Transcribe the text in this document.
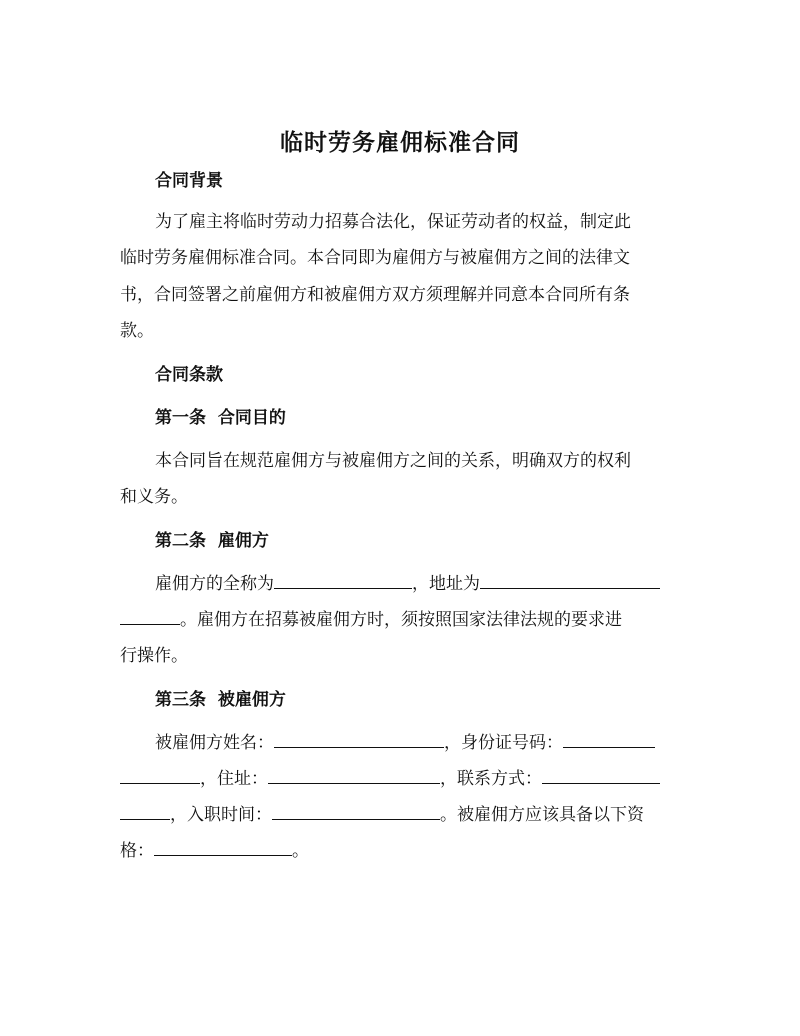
临时劳务雇佣标准合同
合同背景
为了雇主将临时劳动力招募合法化，保证劳动者的权益，制定此
临时劳务雇佣标准合同。本合同即为雇佣方与被雇佣方之间的法律文
书，合同签署之前雇佣方和被雇佣方双方须理解并同意本合同所有条
款。
合同条款
第一条  合同目的
本合同旨在规范雇佣方与被雇佣方之间的关系，明确双方的权利
和义务。
第二条  雇佣方
雇佣方的全称为	，地址为
。雇佣方在招募被雇佣方时，须按照国家法律法规的要求进
行操作。
第三条  被雇佣方
被雇佣方姓名：	，身份证号码：
，住址：	，联系方式：
，入职时间：	。被雇佣方应该具备以下资
格：	。
